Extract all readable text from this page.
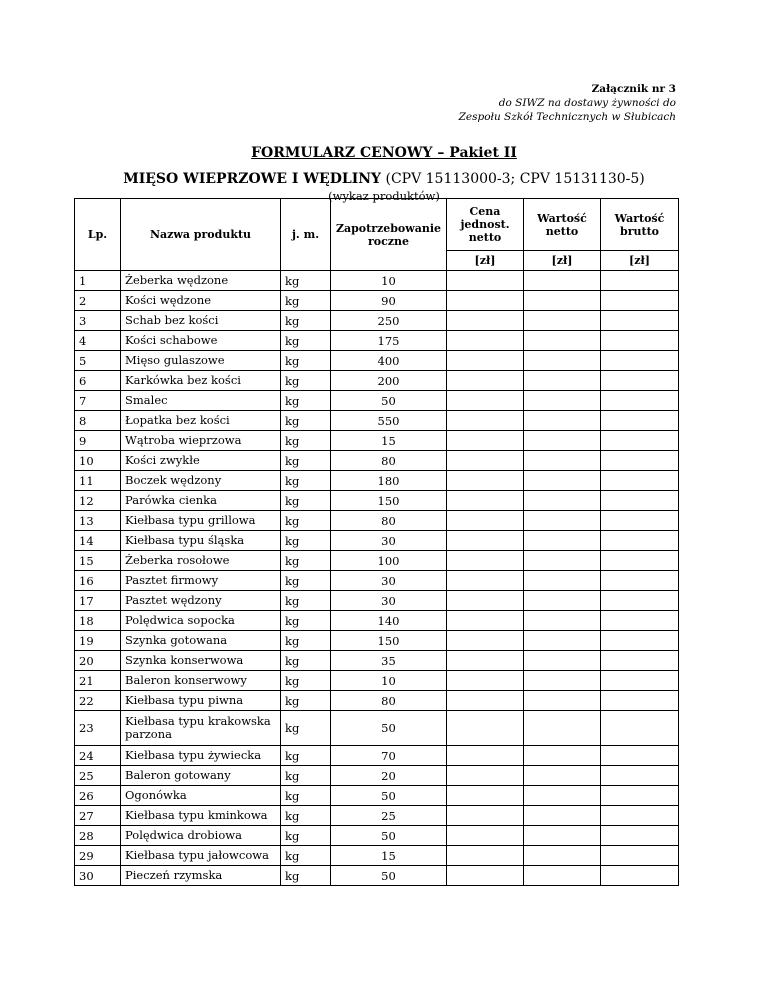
Załącznik nr 3
do SIWZ na dostawy żywności do
Zespołu Szkół Technicznych w Słubicach
FORMULARZ CENOWY – Pakiet II
MIĘSO WIEPRZOWE I WĘDLINY (CPV 15113000-3; CPV 15131130-5)
(wykaz produktów)
Lp.	Nazwa produktu	j. m.	Zapotrzebowanie roczne	Cena jednost. netto	Wartość netto	Wartość brutto
				[zł]	[zł]	[zł]
1	Żeberka wędzone	kg	10			
2	Kości wędzone	kg	90			
3	Schab bez kości	kg	250			
4	Kości schabowe	kg	175			
5	Mięso gulaszowe	kg	400			
6	Karkówka bez kości	kg	200			
7	Smalec	kg	50			
8	Łopatka bez kości	kg	550			
9	Wątroba wieprzowa	kg	15			
10	Kości zwykłe	kg	80			
11	Boczek wędzony	kg	180			
12	Parówka cienka	kg	150			
13	Kiełbasa typu grillowa	kg	80			
14	Kiełbasa typu śląska	kg	30			
15	Żeberka rosołowe	kg	100			
16	Pasztet firmowy	kg	30			
17	Pasztet wędzony	kg	30			
18	Polędwica sopocka	kg	140			
19	Szynka gotowana	kg	150			
20	Szynka konserwowa	kg	35			
21	Baleron konserwowy	kg	10			
22	Kiełbasa typu piwna	kg	80			
23	Kiełbasa typu krakowska parzona	kg	50			
24	Kiełbasa typu żywiecka	kg	70			
25	Baleron gotowany	kg	20			
26	Ogonówka	kg	50			
27	Kiełbasa typu kminkowa	kg	25			
28	Polędwica drobiowa	kg	50			
29	Kiełbasa typu jałowcowa	kg	15			
30	Pieczeń rzymska	kg	50			
